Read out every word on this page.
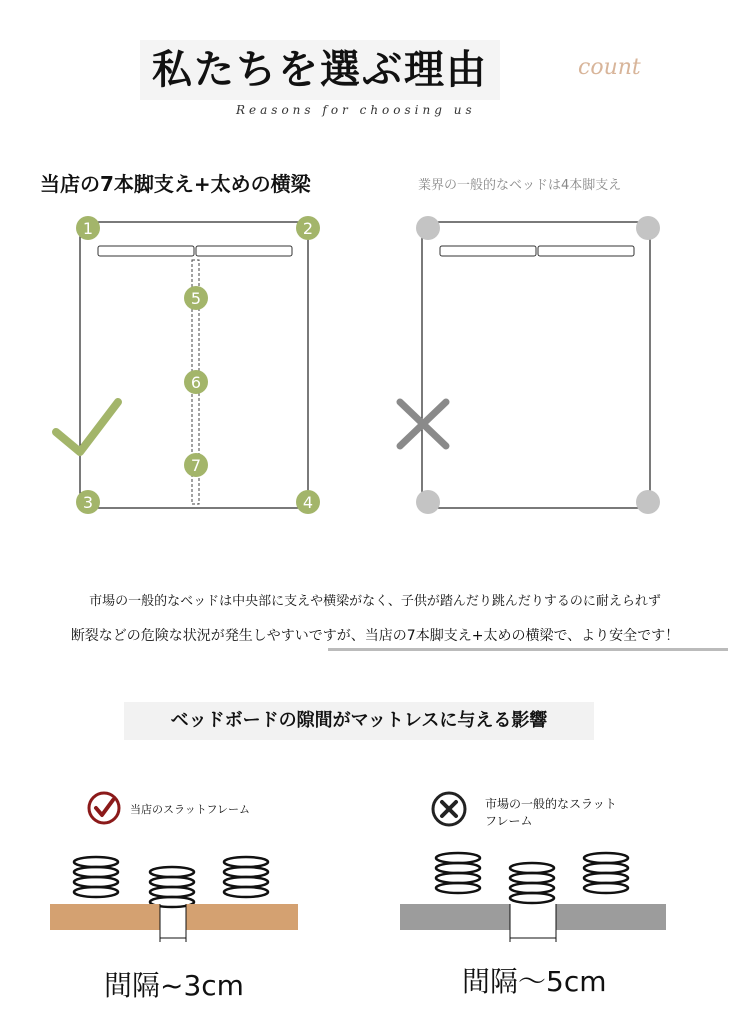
私たちを選ぶ理由	count
Reasons for choosing us
当店の7本脚支え+太めの横梁	業界の一般的なベッドは4本脚支え
1	2
3	4
5
6
7
市場の一般的なベッドは中央部に支えや横梁がなく、子供が踏んだり跳んだりするのに耐えられず
断裂などの危険な状況が発生しやすいですが、当店の7本脚支え+太めの横梁で、より安全です！
ベッドボードの隙間がマットレスに与える影響
当店のスラットフレーム	市場の一般的なスラット
フレーム
間隔~3cm	間隔～5cm
